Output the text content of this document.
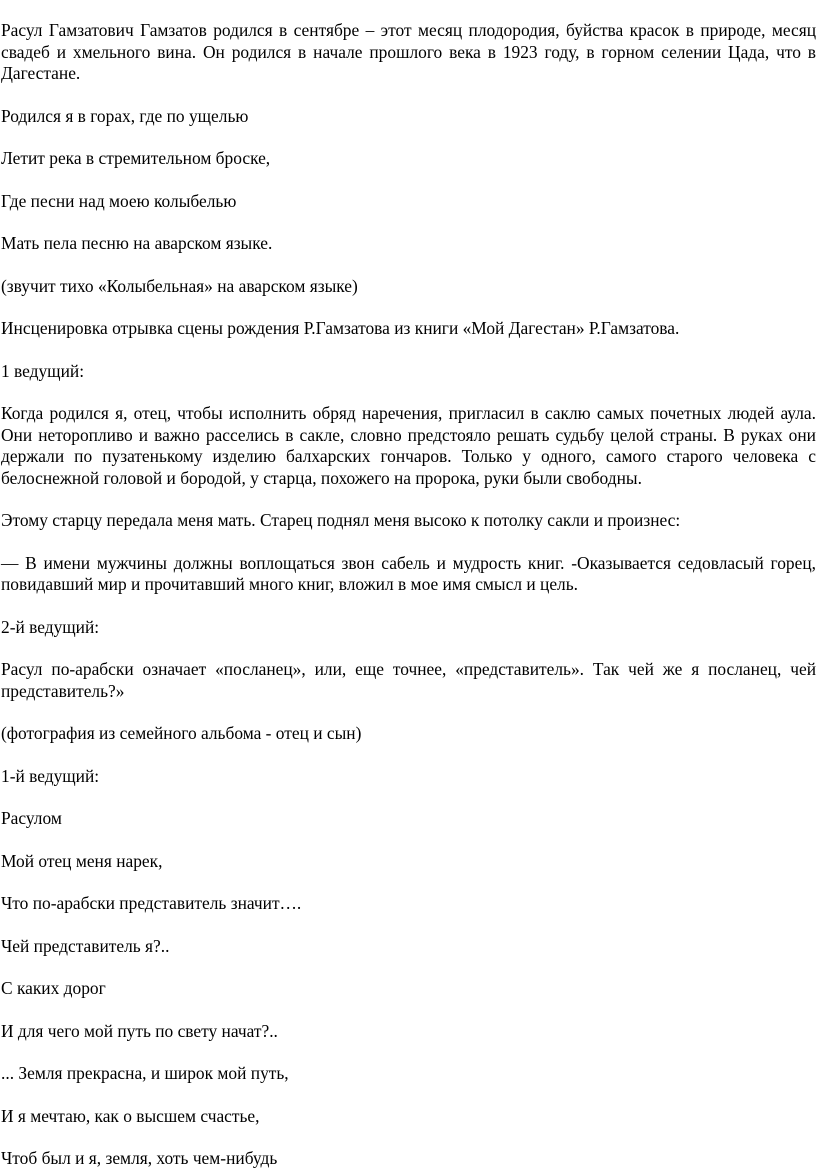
Расул Гамзатович Гамзатов родился в сентябре – этот месяц плодородия, буйства красок в природе, месяц свадеб и хмельного вина. Он родился в начале прошлого века в 1923 году, в горном селении Цада, что в Дагестане.

Родился я в горах, где по ущелью

Летит река в стремительном броске,

Где песни над моею колыбелью

Мать пела песню на аварском языке.

(звучит тихо «Колыбельная» на аварском языке)

Инсценировка отрывка сцены рождения Р.Гамзатова из книги «Мой Дагестан» Р.Гамзатова.

1 ведущий:

Когда родился я, отец, чтобы исполнить обряд наречения, пригласил в саклю самых почетных людей аула. Они неторопливо и важно расселись в сакле, словно предстояло решать судьбу целой страны. В руках они держали по пузатенькому изделию балхарских гончаров. Только у одного, самого старого человека с белоснежной головой и бородой, у старца, похожего на пророка, руки были свободны.

Этому старцу передала меня мать. Старец поднял меня высоко к потолку сакли и произнес:

— В имени мужчины должны воплощаться звон сабель и мудрость книг. -Оказывается седовласый горец, повидавший мир и прочитавший много книг, вложил в мое имя смысл и цель.

2-й ведущий:

Расул по-арабски означает «посланец», или, еще точнее, «представитель». Так чей же я посланец, чей представитель?»

(фотография из семейного альбома - отец и сын)

1-й ведущий:

Расулом

Мой отец меня нарек,

Что по-арабски представитель значит….

Чей представитель я?..

С каких дорог

И для чего мой путь по свету начат?..

... Земля прекрасна, и широк мой путь,

И я мечтаю, как о высшем счастье,

Чтоб был и я, земля, хоть чем-нибудь
